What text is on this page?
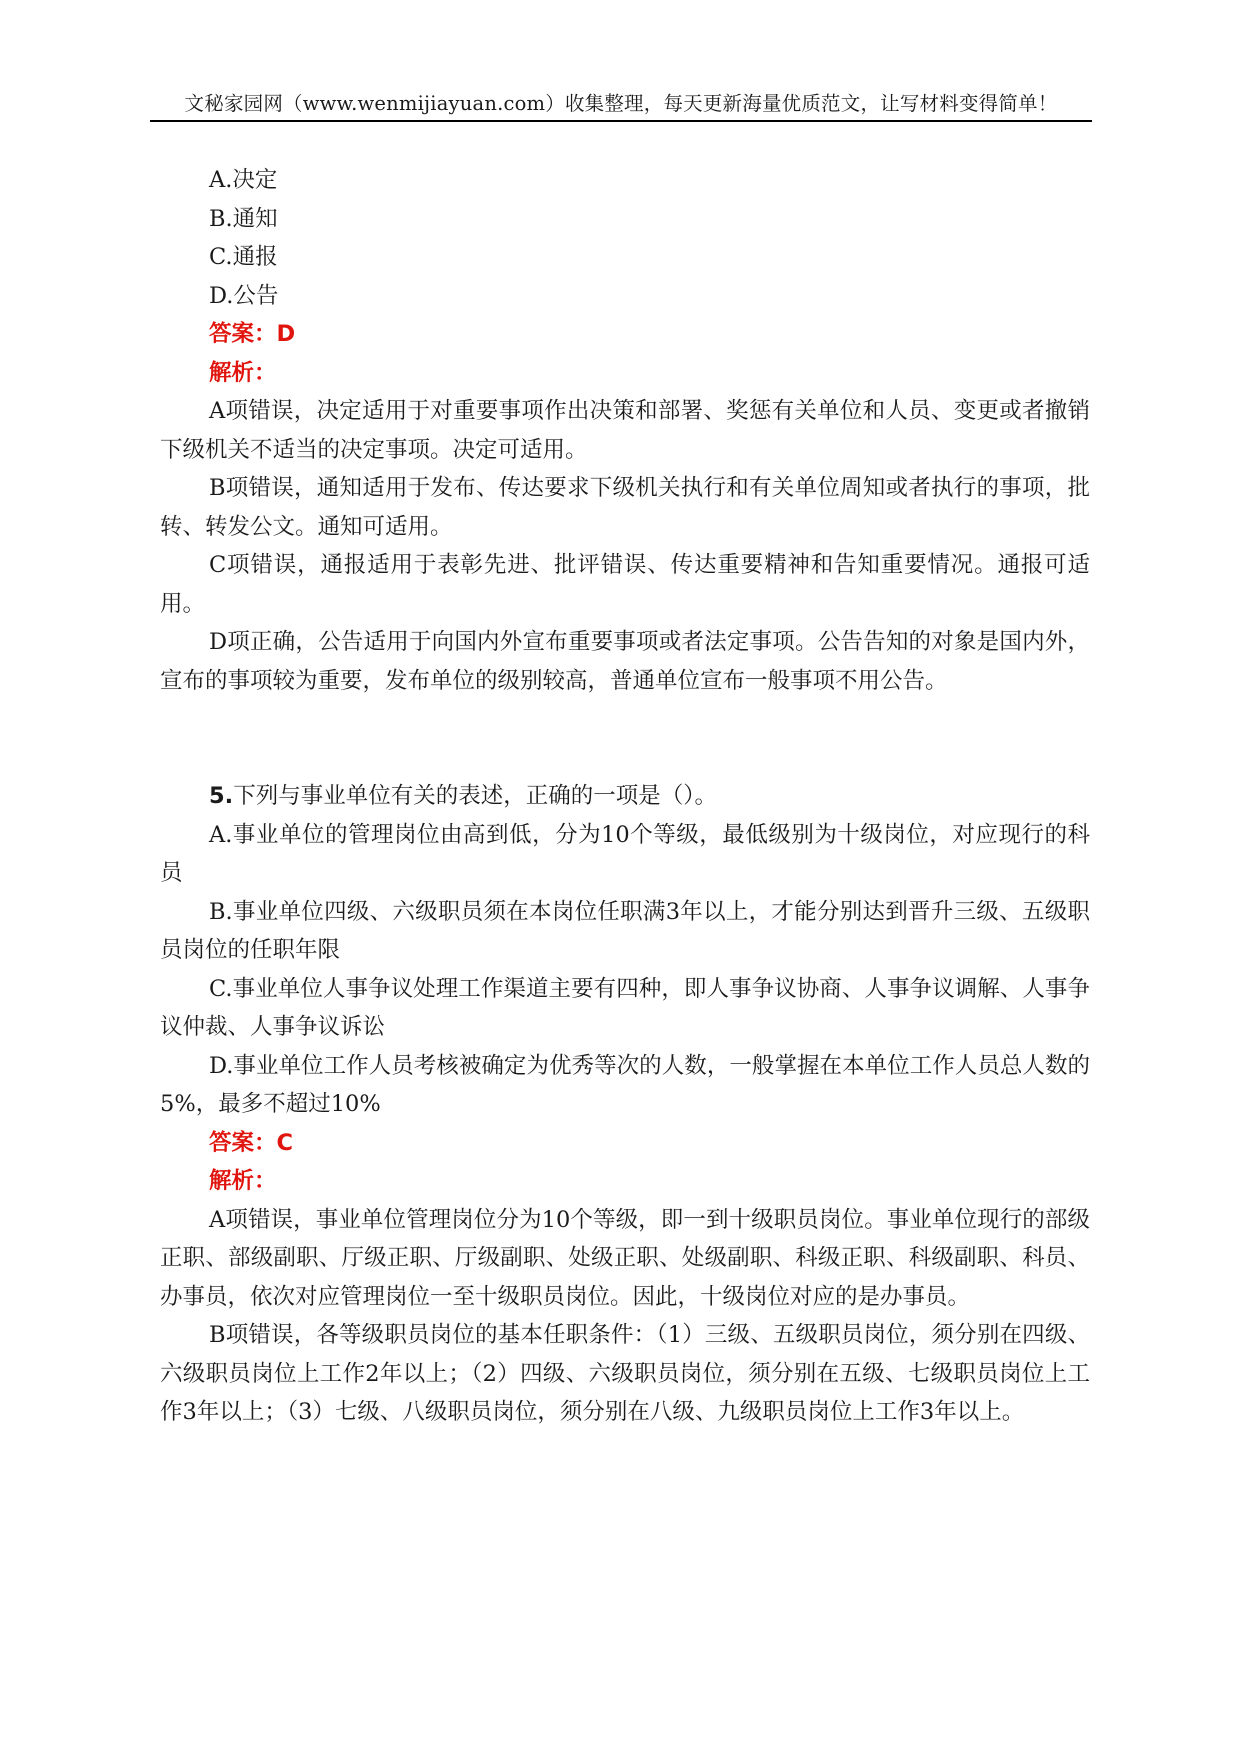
文秘家园网（www.wenmijiayuan.com）收集整理，每天更新海量优质范文，让写材料变得简单！

A.决定

B.通知

C.通报

D.公告

答案：D

解析：

A项错误，决定适用于对重要事项作出决策和部署、奖惩有关单位和人员、变更或者撤销下级机关不适当的决定事项。决定可适用。

B项错误，通知适用于发布、传达要求下级机关执行和有关单位周知或者执行的事项，批转、转发公文。通知可适用。

C项错误，通报适用于表彰先进、批评错误、传达重要精神和告知重要情况。通报可适用。

D项正确，公告适用于向国内外宣布重要事项或者法定事项。公告告知的对象是国内外，宣布的事项较为重要，发布单位的级别较高，普通单位宣布一般事项不用公告。

5.下列与事业单位有关的表述，正确的一项是（）。

A.事业单位的管理岗位由高到低，分为10个等级，最低级别为十级岗位，对应现行的科员

B.事业单位四级、六级职员须在本岗位任职满3年以上，才能分别达到晋升三级、五级职员岗位的任职年限

C.事业单位人事争议处理工作渠道主要有四种，即人事争议协商、人事争议调解、人事争议仲裁、人事争议诉讼

D.事业单位工作人员考核被确定为优秀等次的人数，一般掌握在本单位工作人员总人数的5%，最多不超过10%

答案：C

解析：

A项错误，事业单位管理岗位分为10个等级，即一到十级职员岗位。事业单位现行的部级正职、部级副职、厅级正职、厅级副职、处级正职、处级副职、科级正职、科级副职、科员、办事员，依次对应管理岗位一至十级职员岗位。因此，十级岗位对应的是办事员。

B项错误，各等级职员岗位的基本任职条件：（1）三级、五级职员岗位，须分别在四级、六级职员岗位上工作2年以上；（2）四级、六级职员岗位，须分别在五级、七级职员岗位上工作3年以上；（3）七级、八级职员岗位，须分别在八级、九级职员岗位上工作3年以上。
